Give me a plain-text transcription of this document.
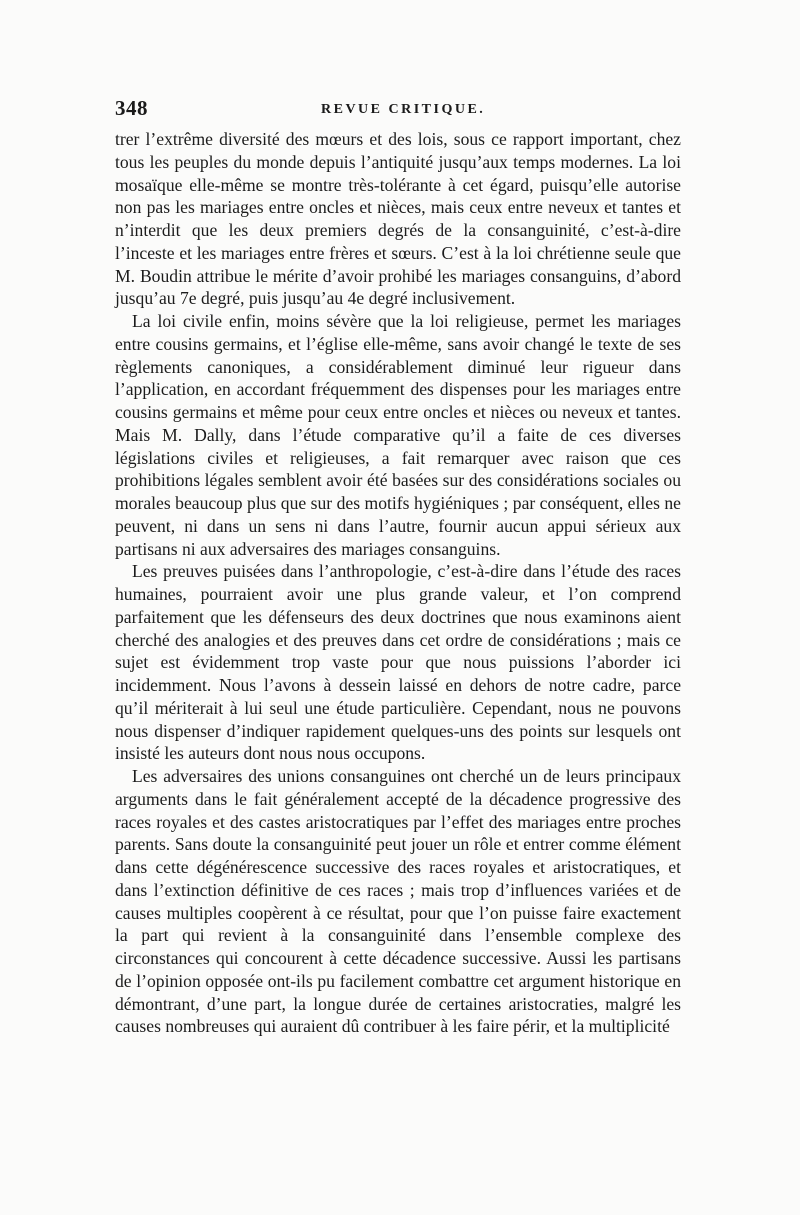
348	REVUE CRITIQUE.

trer l’extrême diversité des mœurs et des lois, sous ce rapport important, chez tous les peuples du monde depuis l’antiquité jusqu’aux temps modernes. La loi mosaïque elle-même se montre très-tolérante à cet égard, puisqu’elle autorise non pas les mariages entre oncles et nièces, mais ceux entre neveux et tantes et n’interdit que les deux premiers degrés de la consanguinité, c’est-à-dire l’inceste et les mariages entre frères et sœurs. C’est à la loi chrétienne seule que M. Boudin attribue le mérite d’avoir prohibé les mariages consanguins, d’abord jusqu’au 7e degré, puis jusqu’au 4e degré inclusivement.

La loi civile enfin, moins sévère que la loi religieuse, permet les mariages entre cousins germains, et l’église elle-même, sans avoir changé le texte de ses règlements canoniques, a considérablement diminué leur rigueur dans l’application, en accordant fréquemment des dispenses pour les mariages entre cousins germains et même pour ceux entre oncles et nièces ou neveux et tantes. Mais M. Dally, dans l’étude comparative qu’il a faite de ces diverses législations civiles et religieuses, a fait remarquer avec raison que ces prohibitions légales semblent avoir été basées sur des considérations sociales ou morales beaucoup plus que sur des motifs hygiéniques ; par conséquent, elles ne peuvent, ni dans un sens ni dans l’autre, fournir aucun appui sérieux aux partisans ni aux adversaires des mariages consanguins.

Les preuves puisées dans l’anthropologie, c’est-à-dire dans l’étude des races humaines, pourraient avoir une plus grande valeur, et l’on comprend parfaitement que les défenseurs des deux doctrines que nous examinons aient cherché des analogies et des preuves dans cet ordre de considérations ; mais ce sujet est évidemment trop vaste pour que nous puissions l’aborder ici incidemment. Nous l’avons à dessein laissé en dehors de notre cadre, parce qu’il mériterait à lui seul une étude particulière. Cependant, nous ne pouvons nous dispenser d’indiquer rapidement quelques-uns des points sur lesquels ont insisté les auteurs dont nous nous occupons.

Les adversaires des unions consanguines ont cherché un de leurs principaux arguments dans le fait généralement accepté de la décadence progressive des races royales et des castes aristocratiques par l’effet des mariages entre proches parents. Sans doute la consanguinité peut jouer un rôle et entrer comme élément dans cette dégénérescence successive des races royales et aristocratiques, et dans l’extinction définitive de ces races ; mais trop d’influences variées et de causes multiples coopèrent à ce résultat, pour que l’on puisse faire exactement la part qui revient à la consanguinité dans l’ensemble complexe des circonstances qui concourent à cette décadence successive. Aussi les partisans de l’opinion opposée ont-ils pu facilement combattre cet argument historique en démontrant, d’une part, la longue durée de certaines aristocraties, malgré les causes nombreuses qui auraient dû contribuer à les faire périr, et la multiplicité
